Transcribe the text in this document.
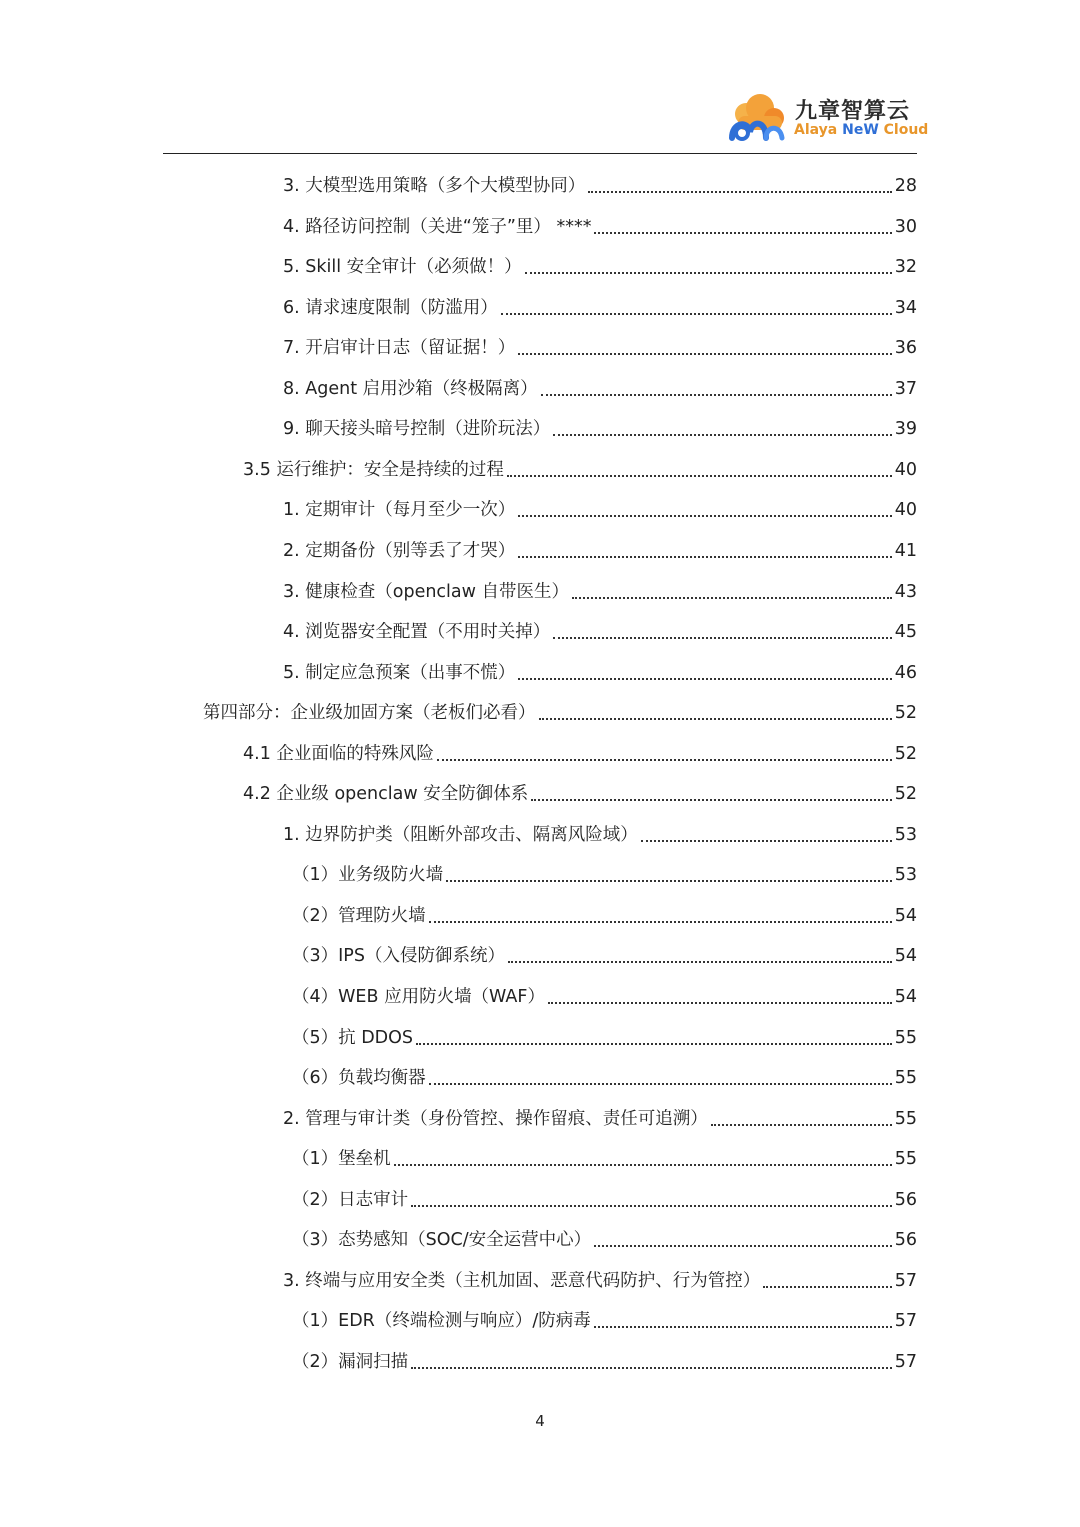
九章智算云
Alaya NeW Cloud
3. 大模型选用策略（多个大模型协同）	28
4. 路径访问控制（关进“笼子”里） ****	30
5. Skill 安全审计（必须做！）	32
6. 请求速度限制（防滥用）	34
7. 开启审计日志（留证据！）	36
8. Agent 启用沙箱（终极隔离）	37
9. 聊天接头暗号控制（进阶玩法）	39
3.5 运行维护：安全是持续的过程	40
1. 定期审计（每月至少一次）	40
2. 定期备份（别等丢了才哭）	41
3. 健康检查（openclaw 自带医生）	43
4. 浏览器安全配置（不用时关掉）	45
5. 制定应急预案（出事不慌）	46
第四部分：企业级加固方案（老板们必看）	52
4.1 企业面临的特殊风险	52
4.2 企业级 openclaw 安全防御体系	52
1. 边界防护类（阻断外部攻击、隔离风险域）	53
（1）业务级防火墙	53
（2）管理防火墙	54
（3）IPS（入侵防御系统）	54
（4）WEB 应用防火墙（WAF）	54
（5）抗 DDOS	55
（6）负载均衡器	55
2. 管理与审计类（身份管控、操作留痕、责任可追溯）	55
（1）堡垒机	55
（2）日志审计	56
（3）态势感知（SOC/安全运营中心）	56
3. 终端与应用安全类（主机加固、恶意代码防护、行为管控）	57
（1）EDR（终端检测与响应）/防病毒	57
（2）漏洞扫描	57
4
